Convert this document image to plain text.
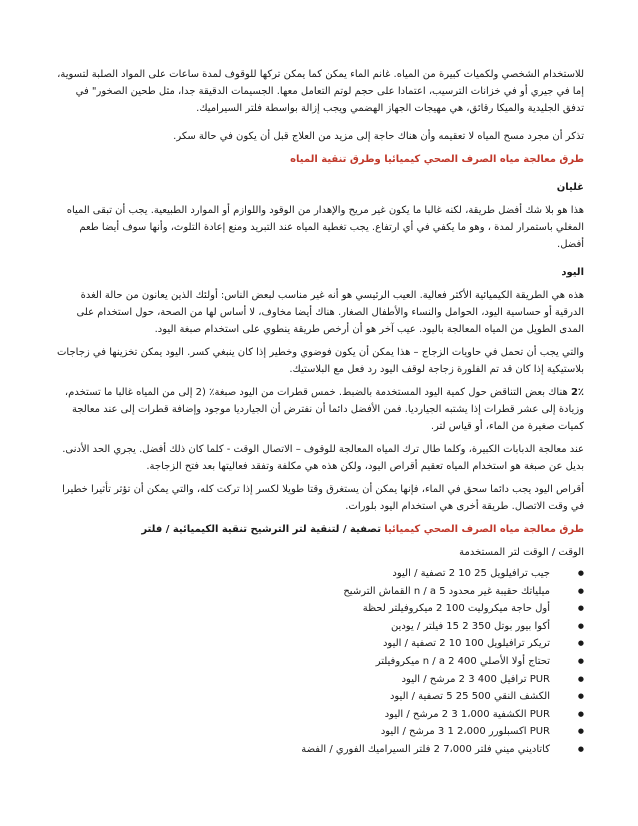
للاستخدام الشخصي ولكميات كبيرة من المياه. غانم الماء يمكن كما يمكن تركها للوقوف لمدة ساعات على المواد الصلبة لتسوية، إما في جيري أو في خزانات الترسيب، اعتمادا على حجم لوتم التعامل معها. الجسيمات الدقيقة جدا، مثل طحين الصخور" في تدفق الجليدية والميكا رقائق، هي مهيجات الجهاز الهضمي ويجب إزالة بواسطة فلتر السيراميك.

تذكر أن مجرد مسح المياه لا تعقيمه وأن هناك حاجة إلى مزيد من العلاج قبل أن يكون في حالة سكر.

طرق معالجة مياه الصرف الصحي كيميائيا وطرق تنقية المياه

غليان

هذا هو بلا شك أفضل طريقة، لكنه غالبا ما يكون غير مريح والإهدار من الوقود واللوازم أو الموارد الطبيعية. يجب أن تبقى المياه المغلي باستمرار لمدة ، وهو ما يكفي في أي ارتفاع. يجب تغطية المياه عند التبريد ومنع إعادة التلوث، وأنها سوف أيضا طعم أفضل.

اليود

هذه هي الطريقة الكيميائية الأكثر فعالية. العيب الرئيسي هو أنه غير مناسب لبعض الناس: أولئك الذين يعانون من حالة الغدة الدرقية أو حساسية اليود، الحوامل والنساء والأطفال الصغار. هناك أيضا مخاوف، لا أساس لها من الصحة، حول استخدام على المدى الطويل من المياه المعالجة باليود. عيب آخر هو أن أرخص طريقة ينطوي على استخدام صبغة اليود.

والتي يجب أن تحمل في حاويات الزجاج – هذا يمكن أن يكون فوضوي وخطير إذا كان ينبغي كسر. اليود يمكن تخزينها في زجاجات بلاستيكية إذا كان قد تم الفلورة زجاجة لوقف اليود رد فعل مع البلاستيك.

2٪ هناك بعض التناقض حول كمية اليود المستخدمة بالضبط. خمس قطرات من اليود صبغة٪ (2 إلى من المياه غالبا ما تستخدم، وزيادة إلى عشر قطرات إذا يشتبه الجيارديا. فمن الأفضل دائما أن نفترض أن الجيارديا موجود وإضافة قطرات إلى عند معالجة كميات صغيرة من الماء، أو قياس لتر.

عند معالجة الدبابات الكبيرة، وكلما طال ترك المياه المعالجة للوقوف – الاتصال الوقت - كلما كان ذلك أفضل. يجري الحد الأدنى. بديل عن صبغة هو استخدام المياه تعقيم أقراص اليود، ولكن هذه هي مكلفة وتفقد فعاليتها بعد فتح الزجاجة.

أقراص اليود يجب دائما سحق في الماء، فإنها يمكن أن يستغرق وقتا طويلا لكسر إذا تركت كله، والتي يمكن أن تؤثر تأثيرا خطيرا في وقت الاتصال. طريقة أخرى هي استخدام اليود بلورات.

طرق معالجة مياه الصرف الصحي كيميائيا تصفية / لتنقية لتر الترشيح تنقية الكيميائية / فلتر

الوقت / الوقت لتر المستخدمة

● جيب ترافيلويل 25 10 2 تصفية / اليود
● ميلياتك حقيبة غير محدود n / a 5 القماش الترشيح
● أول حاجة ميكروليت 100 2 ميكروفيلتر لحظة
● أكوا بيور بوتل 350 2 15 فيلتر / يودين
● تريكر ترافيلويل 100 10 2 تصفية / اليود
● تحتاج أولا الأصلي n / a 2 400 ميكروفيلتر
● PUR ترافيل 400 3 2 مرشح / اليود
● الكشف النقي 500 25 5 تصفية / اليود
● PUR الكشفية 1،000 3 2 مرشح / اليود
● PUR اكسبلورر 2،000 1 3 مرشح / اليود
● كاتاديني ميني فلتر 7،000 2 فلتر السيراميك الفوري / الفضة
